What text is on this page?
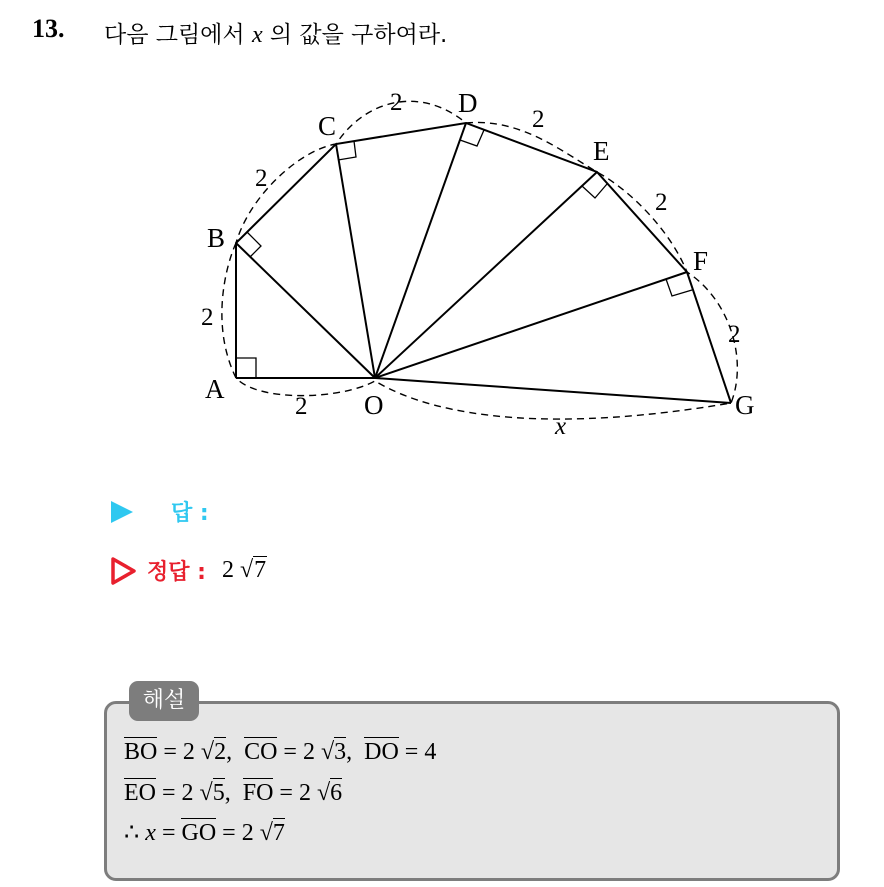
13. 다음 그림에서 x 의 값을 구하여라.
A
B
C
D
E
F
G
O
2
2
2
2
2
2
2
x
답 :
정답 : 2 √7
해설
BO = 2 √2, CO = 2 √3, DO = 4
EO = 2 √5, FO = 2 √6
∴ x = GO = 2 √7
